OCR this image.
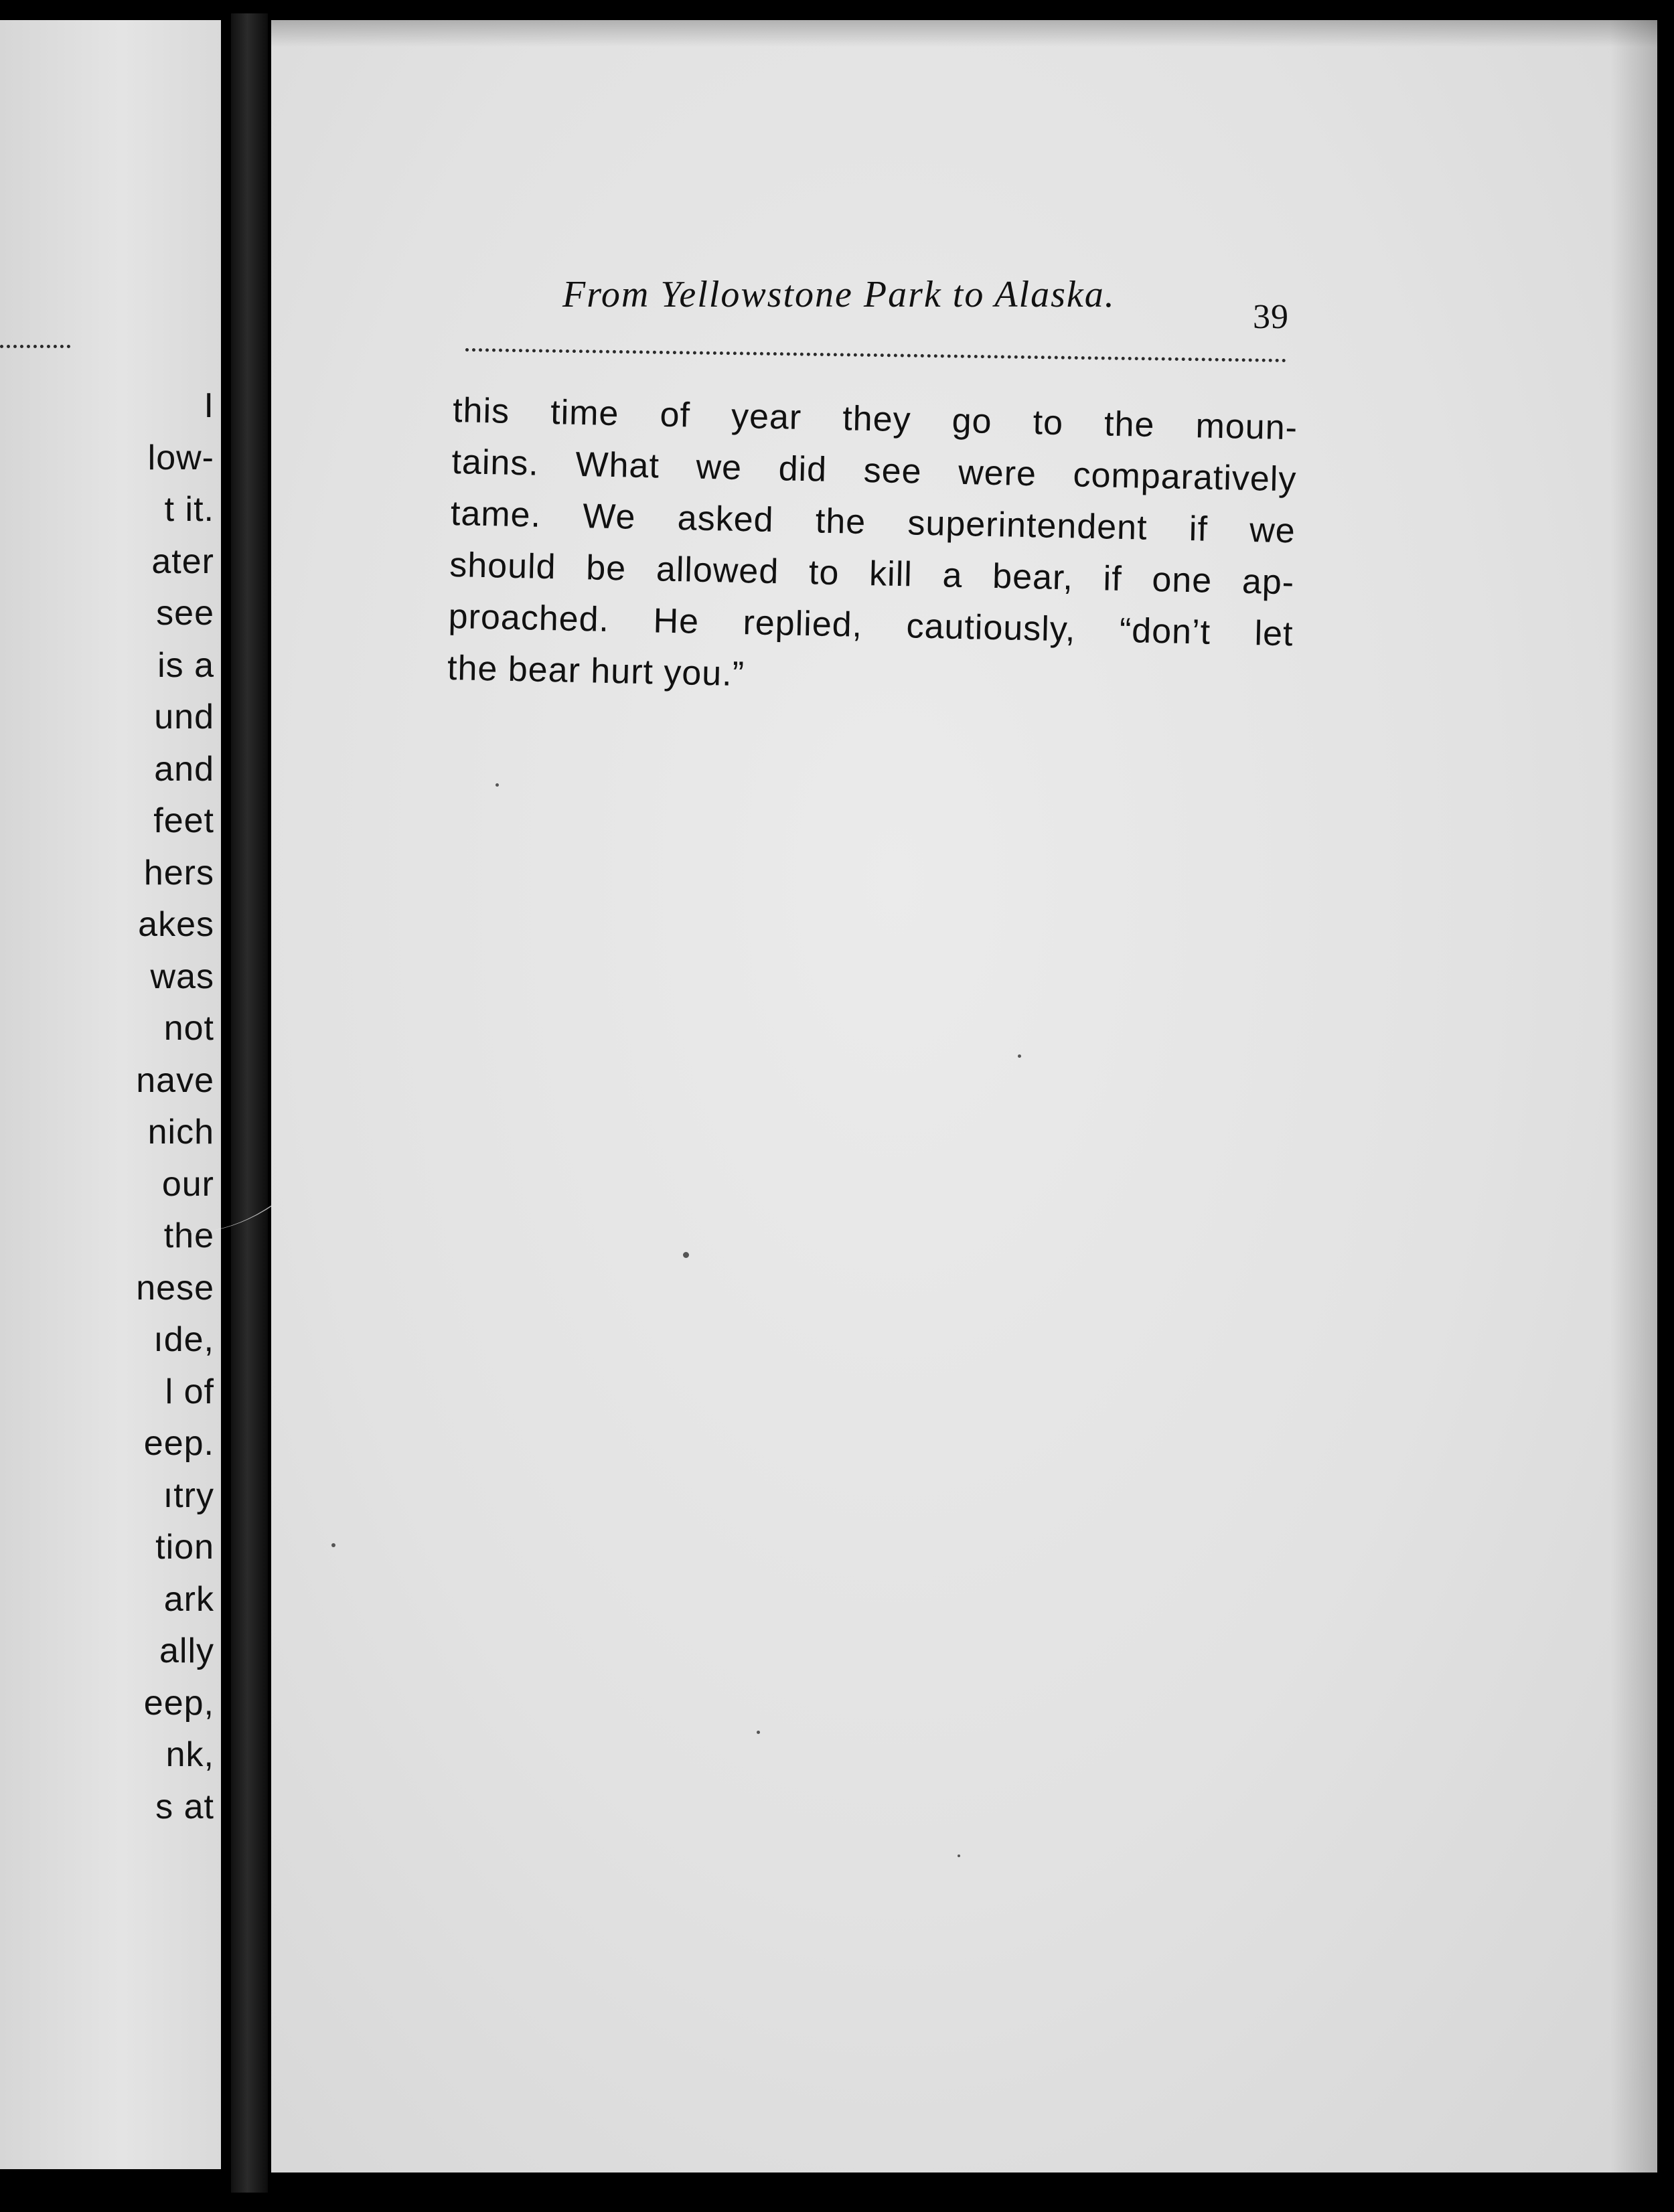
I
low-
t it.
ater
see
is a
und
and
feet
hers
akes
was
not
nave
nich
our
the
nese
ıde,
l of
eep.
ıtry
tion
ark
ally
eep,
nk,
s at
From Yellowstone Park to Alaska.
39
this time of year they go to the moun-
tains. What we did see were comparatively
tame. We asked the superintendent if we
should be allowed to kill a bear, if one ap-
proached. He replied, cautiously, “don’t let
the bear hurt you.”
